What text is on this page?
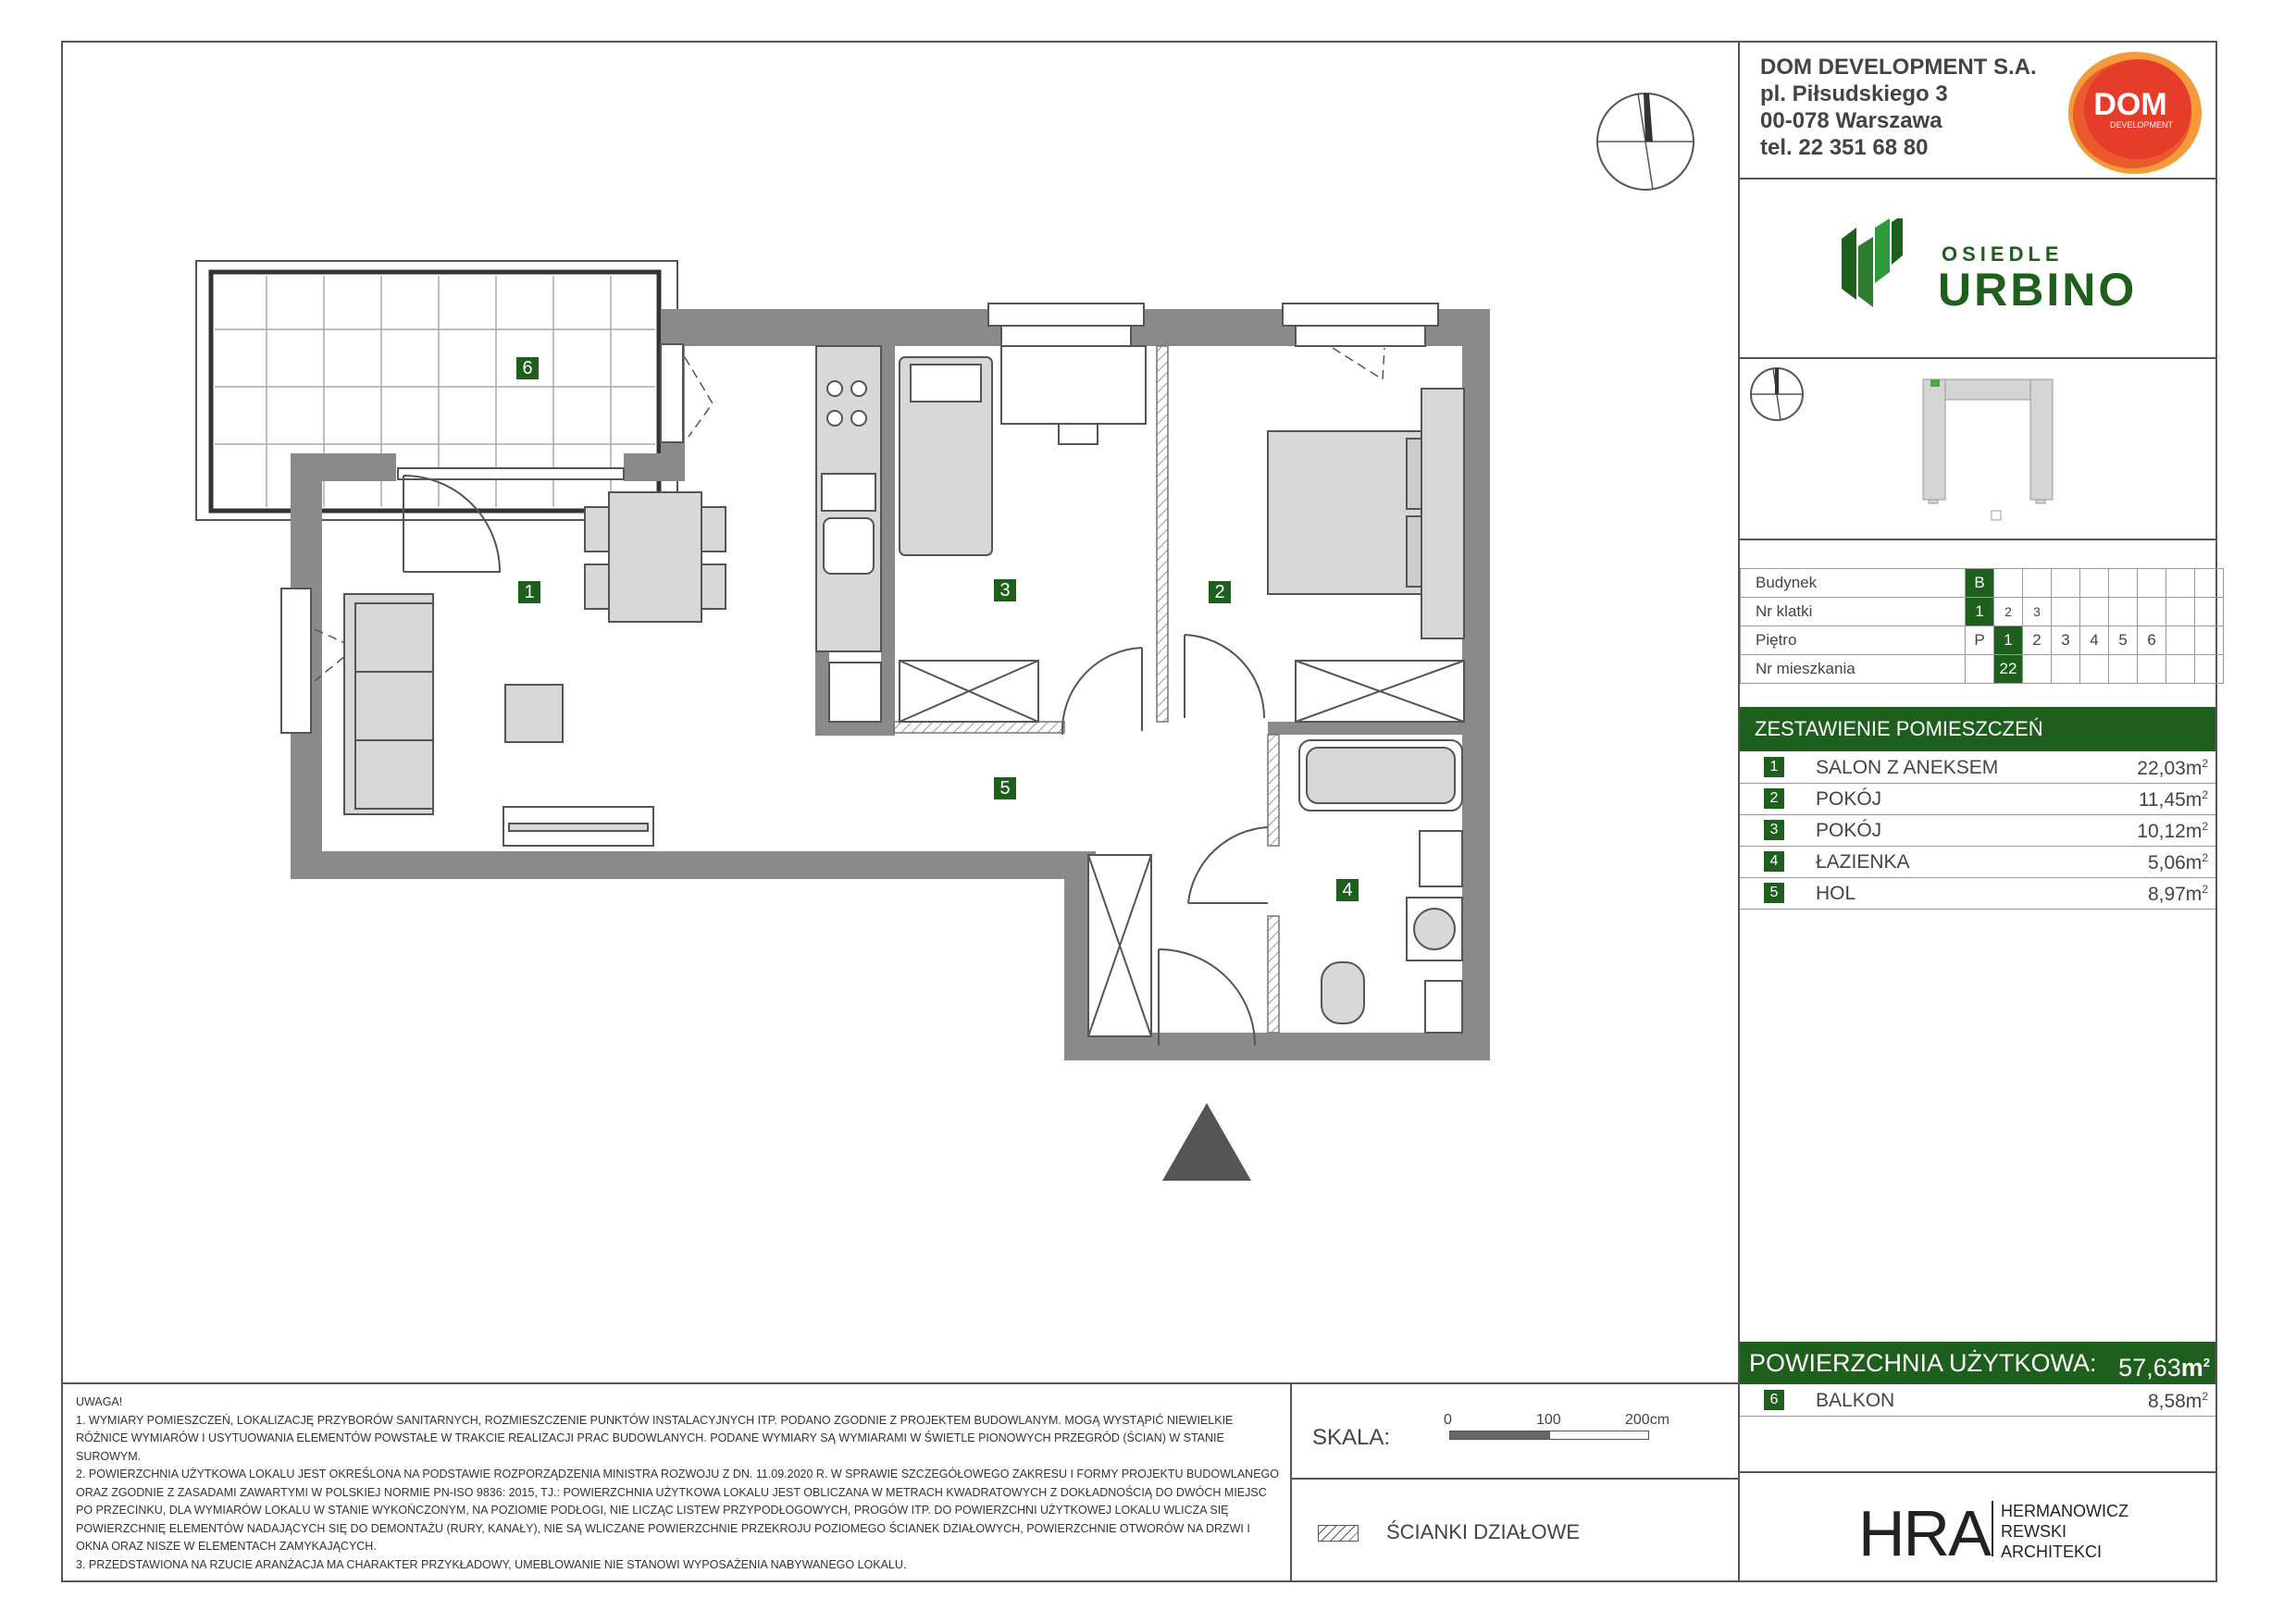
DOM DEVELOPMENT S.A.
pl. Piłsudskiego 3
00-078 Warszawa
tel. 22 351 68 80
DOM
DEVELOPMENT
OSIEDLE
URBINO
Budynek	B								
Nr klatki	1	2	3						
Piętro	P	1	2	3	4	5	6		
Nr mieszkania		22							
ZESTAWIENIE POMIESZCZEŃ
1	SALON Z ANEKSEM	$22,03m^2$
2	POKÓJ	$11,45m^2$
3	POKÓJ	$10,12m^2$
4	ŁAZIENKA	$5,06m^2$
5	HOL	$8,97m^2$
POWIERZCHNIA UŻYTKOWA: $57,63m^2$
6	BALKON	$8,58m^2$
6
1	3	2
5
4
UWAGA!
1. WYMIARY POMIESZCZEŃ, LOKALIZACJĘ PRZYBORÓW SANITARNYCH, ROZMIESZCZENIE PUNKTÓW INSTALACYJNYCH ITP. PODANO ZGODNIE Z PROJEKTEM BUDOWLANYM. MOGĄ WYSTĄPIĆ NIEWIELKIE RÓŻNICE WYMIARÓW I USYTUOWANIA ELEMENTÓW POWSTAŁE W TRAKCIE REALIZACJI PRAC BUDOWLANYCH. PODANE WYMIARY SĄ WYMIARAMI W ŚWIETLE PIONOWYCH PRZEGRÓD (ŚCIAN) W STANIE SUROWYM.
2. POWIERZCHNIA UŻYTKOWA LOKALU JEST OKREŚLONA NA PODSTAWIE ROZPORZĄDZENIA MINISTRA ROZWOJU Z DN. 11.09.2020 R. W SPRAWIE SZCZEGÓŁOWEGO ZAKRESU I FORMY PROJEKTU BUDOWLANEGO ORAZ ZGODNIE Z ZASADAMI ZAWARTYMI W POLSKIEJ NORMIE PN-ISO 9836: 2015, TJ.: POWIERZCHNIA UŻYTKOWA LOKALU JEST OBLICZANA W METRACH KWADRATOWYCH Z DOKŁADNOŚCIĄ DO DWÓCH MIEJSC PO PRZECINKU, DLA WYMIARÓW LOKALU W STANIE WYKOŃCZONYM, NA POZIOMIE PODŁOGI, NIE LICZĄC LISTEW PRZYPODŁOGOWYCH, PROGÓW ITP. DO POWIERZCHNI UŻYTKOWEJ LOKALU WLICZA SIĘ POWIERZCHNIĘ ELEMENTÓW NADAJĄCYCH SIĘ DO DEMONTAŻU (RURY, KANAŁY), NIE SĄ WLICZANE POWIERZCHNIE PRZEKROJU POZIOMEGO ŚCIANEK DZIAŁOWYCH, POWIERZCHNIE OTWORÓW NA DRZWI I OKNA ORAZ NISZE W ELEMENTACH ZAMYKAJĄCYCH.
3. PRZEDSTAWIONA NA RZUCIE ARANŻACJA MA CHARAKTER PRZYKŁADOWY, UMEBLOWANIE NIE STANOWI WYPOSAŻENIA NABYWANEGO LOKALU.
SKALA:
0	100	200cm
ŚCIANKI DZIAŁOWE	HRA HERMANOWICZ
REWSKI
ARCHITEKCI
